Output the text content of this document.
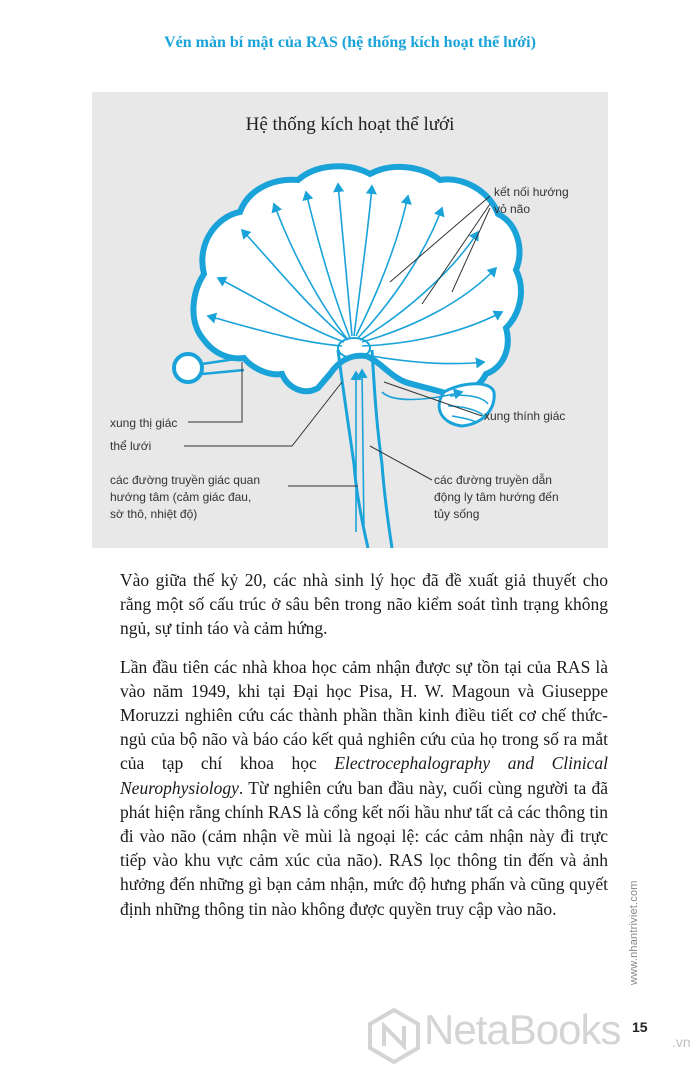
Vén màn bí mật của RAS (hệ thống kích hoạt thể lưới)
Hệ thống kích hoạt thể lưới
kết nối hướng
vỏ não
xung thị giác
thể lưới
các đường truyền giác quan
hướng tâm (cảm giác đau,
sờ thô, nhiệt độ)
xung thính giác
các đường truyền dẫn
động ly tâm hướng đến
tủy sống

Vào giữa thế kỷ 20, các nhà sinh lý học đã đề xuất giả thuyết cho rằng một số cấu trúc ở sâu bên trong não kiểm soát tình trạng không ngủ, sự tỉnh táo và cảm hứng.

Lần đầu tiên các nhà khoa học cảm nhận được sự tồn tại của RAS là vào năm 1949, khi tại Đại học Pisa, H. W. Magoun và Giuseppe Moruzzi nghiên cứu các thành phần thần kinh điều tiết cơ chế thức-ngủ của bộ não và báo cáo kết quả nghiên cứu của họ trong số ra mắt của tạp chí khoa học Electrocephalography and Clinical Neurophysiology. Từ nghiên cứu ban đầu này, cuối cùng người ta đã phát hiện rằng chính RAS là cổng kết nối hầu như tất cả các thông tin đi vào não (cảm nhận về mùi là ngoại lệ: các cảm nhận này đi trực tiếp vào khu vực cảm xúc của não). RAS lọc thông tin đến và ảnh hưởng đến những gì bạn cảm nhận, mức độ hưng phấn và cũng quyết định những thông tin nào không được quyền truy cập vào não.	www.nhantriviet.com
15
NetaBooks	.vn
